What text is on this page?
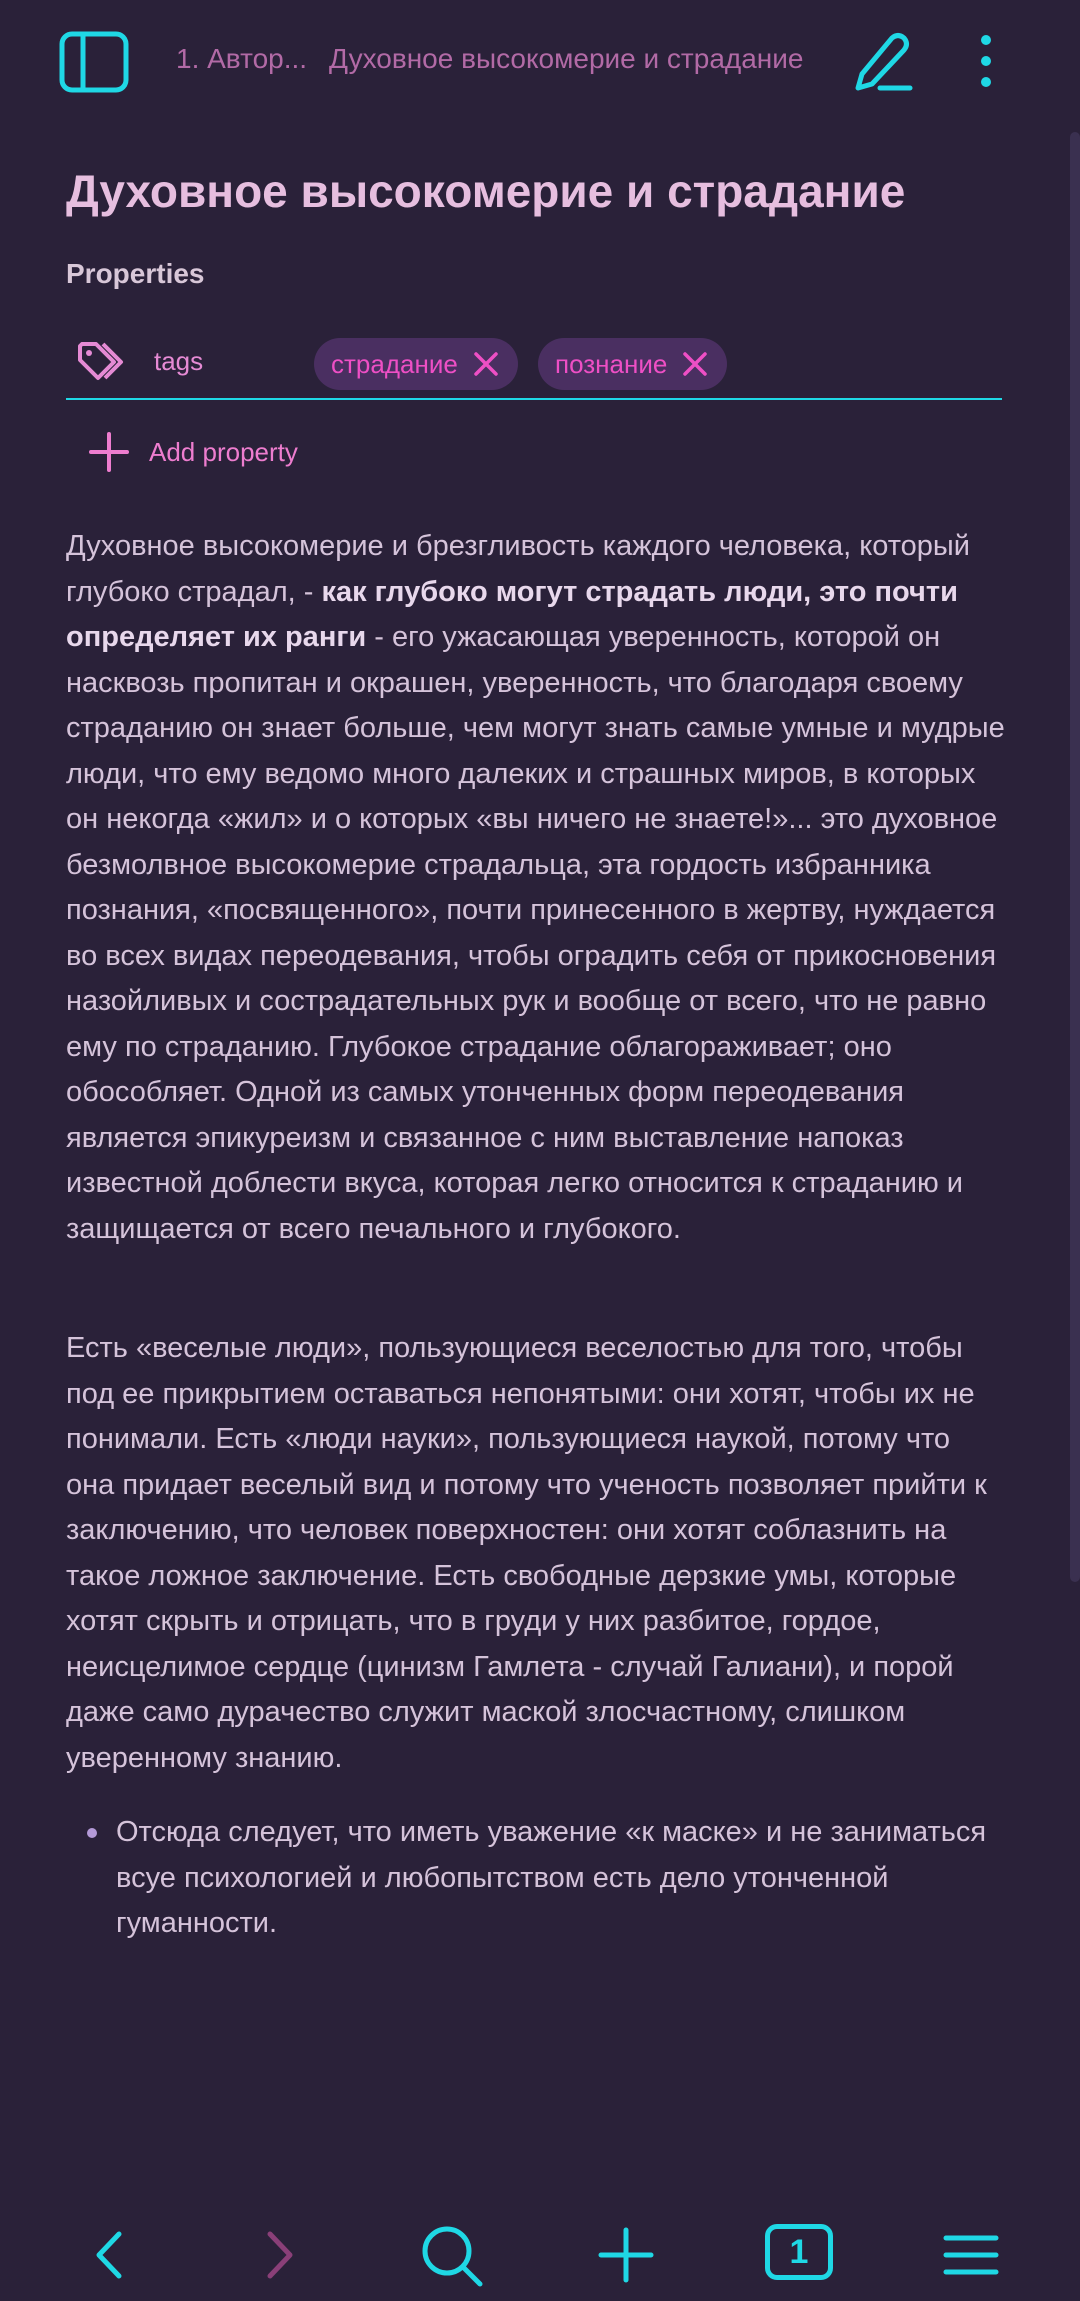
1. Автор... Духовное высокомерие и страдание
Духовное высокомерие и страдание
Properties
tags	страдание	познание
Add property
Духовное высокомерие и брезгливость каждого человека, который глубоко страдал, - как глубоко могут страдать люди, это почти определяет их ранги - его ужасающая уверенность, которой он насквозь пропитан и окрашен, уверенность, что благодаря своему страданию он знает больше, чем могут знать самые умные и мудрые люди, что ему ведомо много далеких и страшных миров, в которых он некогда «жил» и о которых «вы ничего не знаете!»... это духовное безмолвное высокомерие страдальца, эта гордость избранника познания, «посвященного», почти принесенного в жертву, нуждается во всех видах переодевания, чтобы оградить себя от прикосновения назойливых и сострадательных рук и вообще от всего, что не равно ему по страданию. Глубокое страдание облагораживает; оно обособляет. Одной из самых утонченных форм переодевания является эпикуреизм и связанное с ним выставление напоказ известной доблести вкуса, которая легко относится к страданию и защищается от всего печального и глубокого.
Есть «веселые люди», пользующиеся веселостью для того, чтобы под ее прикрытием оставаться непонятыми: они хотят, чтобы их не понимали. Есть «люди науки», пользующиеся наукой, потому что она придает веселый вид и потому что ученость позволяет прийти к заключению, что человек поверхностен: они хотят соблазнить на такое ложное заключение. Есть свободные дерзкие умы, которые хотят скрыть и отрицать, что в груди у них разбитое, гордое, неисцелимое сердце (цинизм Гамлета - случай Галиани), и порой даже само дурачество служит маской злосчастному, слишком уверенному знанию.
Отсюда следует, что иметь уважение «к маске» и не заниматься всуе психологией и любопытством есть дело утонченной гуманности.
1
